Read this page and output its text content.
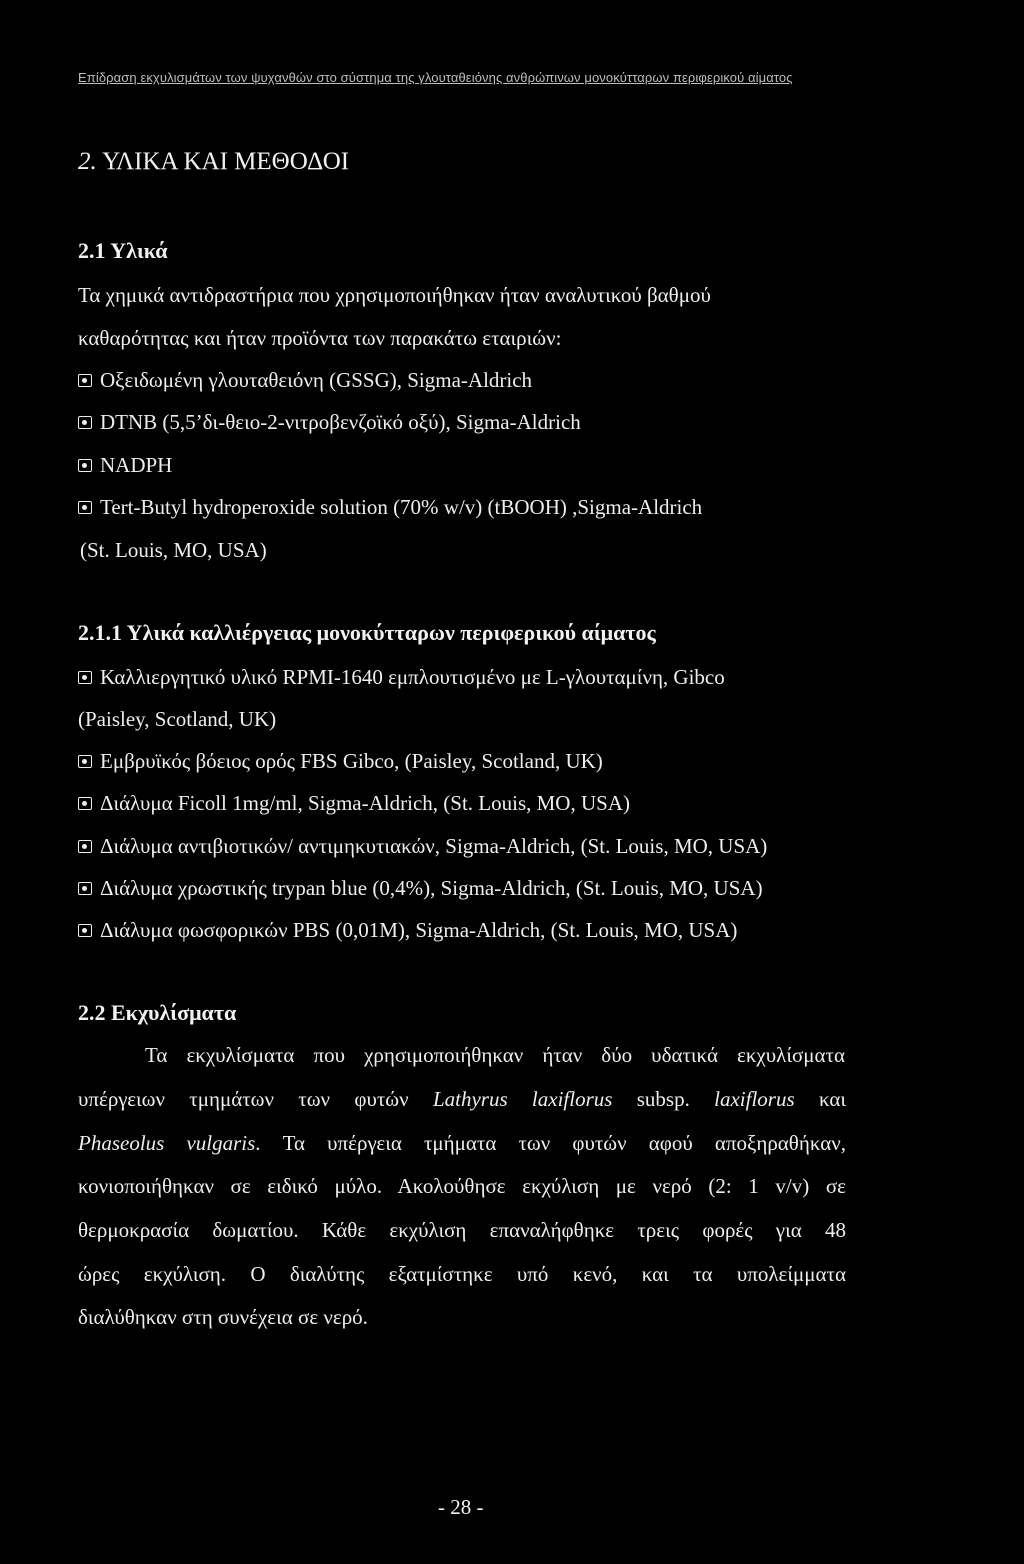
Επίδραση εκχυλισμάτων των ψυχανθών στο σύστημα της γλουταθειόνης ανθρώπινων μονοκύτταρων περιφερικού αίματος
2. ΥΛΙΚΑ ΚΑΙ ΜΕΘΟΔΟΙ
2.1 Υλικά
Τα χημικά αντιδραστήρια που χρησιμοποιήθηκαν ήταν αναλυτικού βαθμού
καθαρότητας και ήταν προϊόντα των παρακάτω εταιριών:
Οξειδωμένη γλουταθειόνη (GSSG), Sigma-Aldrich
DTNB (5,5’δι-θειο-2-νιτροβενζοϊκό οξύ), Sigma-Aldrich
NADPH
Tert-Butyl hydroperoxide solution (70% w/v) (tBOOH) ,Sigma-Aldrich
(St. Louis, MO, USA)
2.1.1 Υλικά καλλιέργειας μονοκύτταρων περιφερικού αίματος
Καλλιεργητικό υλικό RPMI-1640 εμπλουτισμένο με L-γλουταμίνη, Gibco
(Paisley, Scotland, UK)
Εμβρυϊκός βόειος ορός FBS Gibco, (Paisley, Scotland, UK)
Διάλυμα Ficoll 1mg/ml, Sigma-Aldrich, (St. Louis, MO, USA)
Διάλυμα αντιβιοτικών/ αντιμηκυτιακών, Sigma-Aldrich, (St. Louis, MO, USA)
Διάλυμα χρωστικής trypan blue (0,4%), Sigma-Aldrich, (St. Louis, MO, USA)
Διάλυμα φωσφορικών PBS (0,01M), Sigma-Aldrich, (St. Louis, MO, USA)
2.2 Εκχυλίσματα
Τα εκχυλίσματα που χρησιμοποιήθηκαν ήταν δύο υδατικά εκχυλίσματα
υπέργειων τμημάτων των φυτών Lathyrus laxiflorus subsp. laxiflorus και
Phaseolus vulgaris. Τα υπέργεια τμήματα των φυτών αφού αποξηραθήκαν,
κονιοποιήθηκαν σε ειδικό μύλο. Ακολούθησε εκχύλιση με νερό (2: 1 v/v) σε
θερμοκρασία δωματίου. Κάθε εκχύλιση επαναλήφθηκε τρεις φορές για 48
ώρες εκχύλιση. Ο διαλύτης εξατμίστηκε υπό κενό, και τα υπολείμματα
διαλύθηκαν στη συνέχεια σε νερό.
- 28 -
